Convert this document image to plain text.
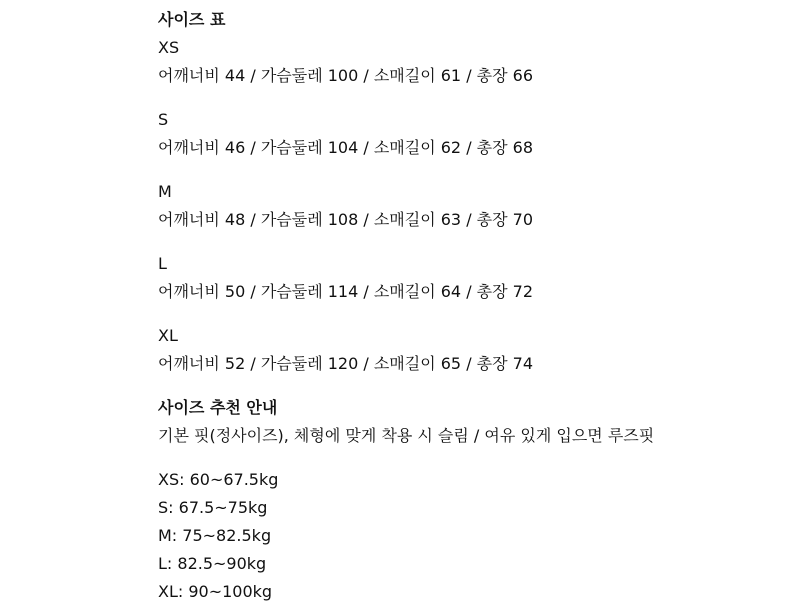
사이즈 표
XS
어깨너비 44 / 가슴둘레 100 / 소매길이 61 / 총장 66
S
어깨너비 46 / 가슴둘레 104 / 소매길이 62 / 총장 68
M
어깨너비 48 / 가슴둘레 108 / 소매길이 63 / 총장 70
L
어깨너비 50 / 가슴둘레 114 / 소매길이 64 / 총장 72
XL
어깨너비 52 / 가슴둘레 120 / 소매길이 65 / 총장 74
사이즈 추천 안내
기본 핏(정사이즈), 체형에 맞게 착용 시 슬림 / 여유 있게 입으면 루즈핏
XS: 60~67.5kg
S: 67.5~75kg
M: 75~82.5kg
L: 82.5~90kg
XL: 90~100kg
